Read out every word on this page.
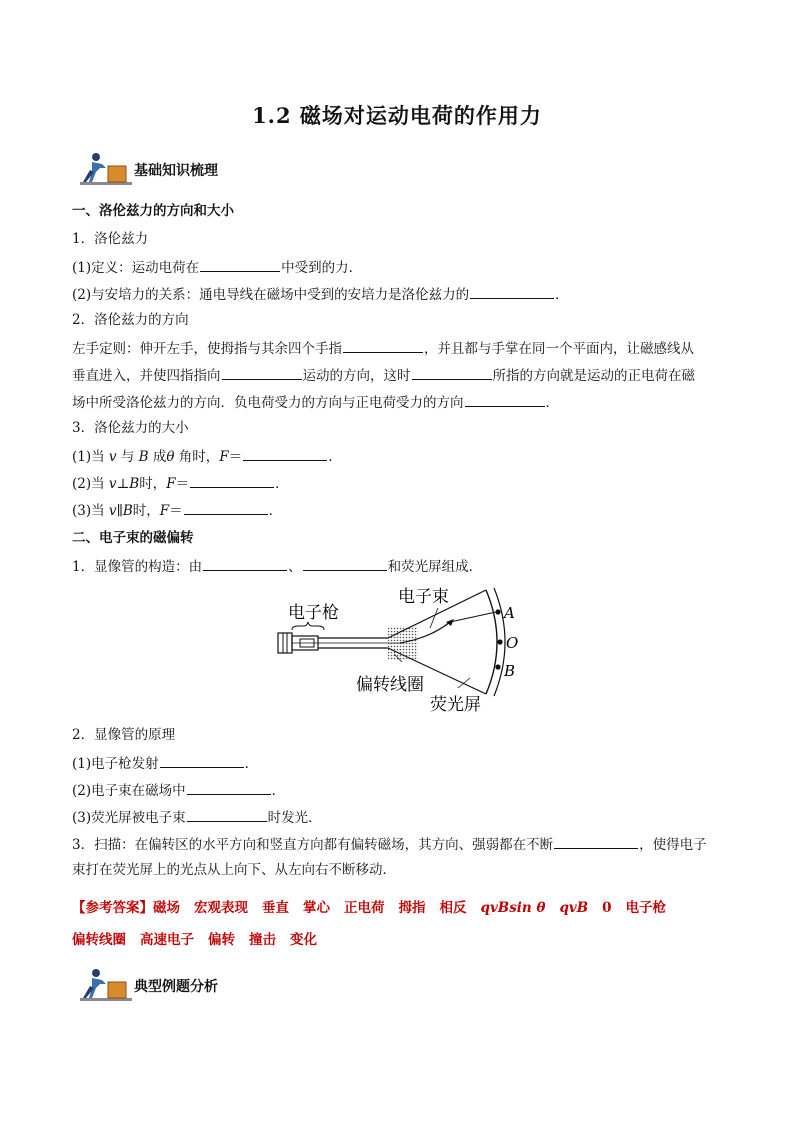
1.2 磁场对运动电荷的作用力
基础知识梳理
一、洛伦兹力的方向和大小
1．洛伦兹力
(1)定义：运动电荷在	中受到的力．
(2)与安培力的关系：通电导线在磁场中受到的安培力是洛伦兹力的	．
2．洛伦兹力的方向
左手定则：伸开左手，使拇指与其余四个手指	，并且都与手掌在同一个平面内，让磁感线从
垂直进入，并使四指指向	运动的方向，这时	所指的方向就是运动的正电荷在磁
场中所受洛伦兹力的方向．负电荷受力的方向与正电荷受力的方向	．
3．洛伦兹力的大小
(1)当 v 与 B 成θ 角时，F＝	．
(2)当 v⊥B时，F＝	．
(3)当 v∥B时，F＝	．
二、电子束的磁偏转
1．显像管的构造：由	、	和荧光屏组成．
电子枪
电子束
偏转线圈
荧光屏
A
O
B
2．显像管的原理
(1)电子枪发射	．
(2)电子束在磁场中	．
(3)荧光屏被电子束	时发光．
3．扫描：在偏转区的水平方向和竖直方向都有偏转磁场，其方向、强弱都在不断	，使得电子
束打在荧光屏上的光点从上向下、从左向右不断移动．
【参考答案】磁场 宏观表现 垂直 掌心 正电荷 拇指 相反 qvBsin θ qvB 0 电子枪
偏转线圈 高速电子 偏转 撞击 变化
典型例题分析
